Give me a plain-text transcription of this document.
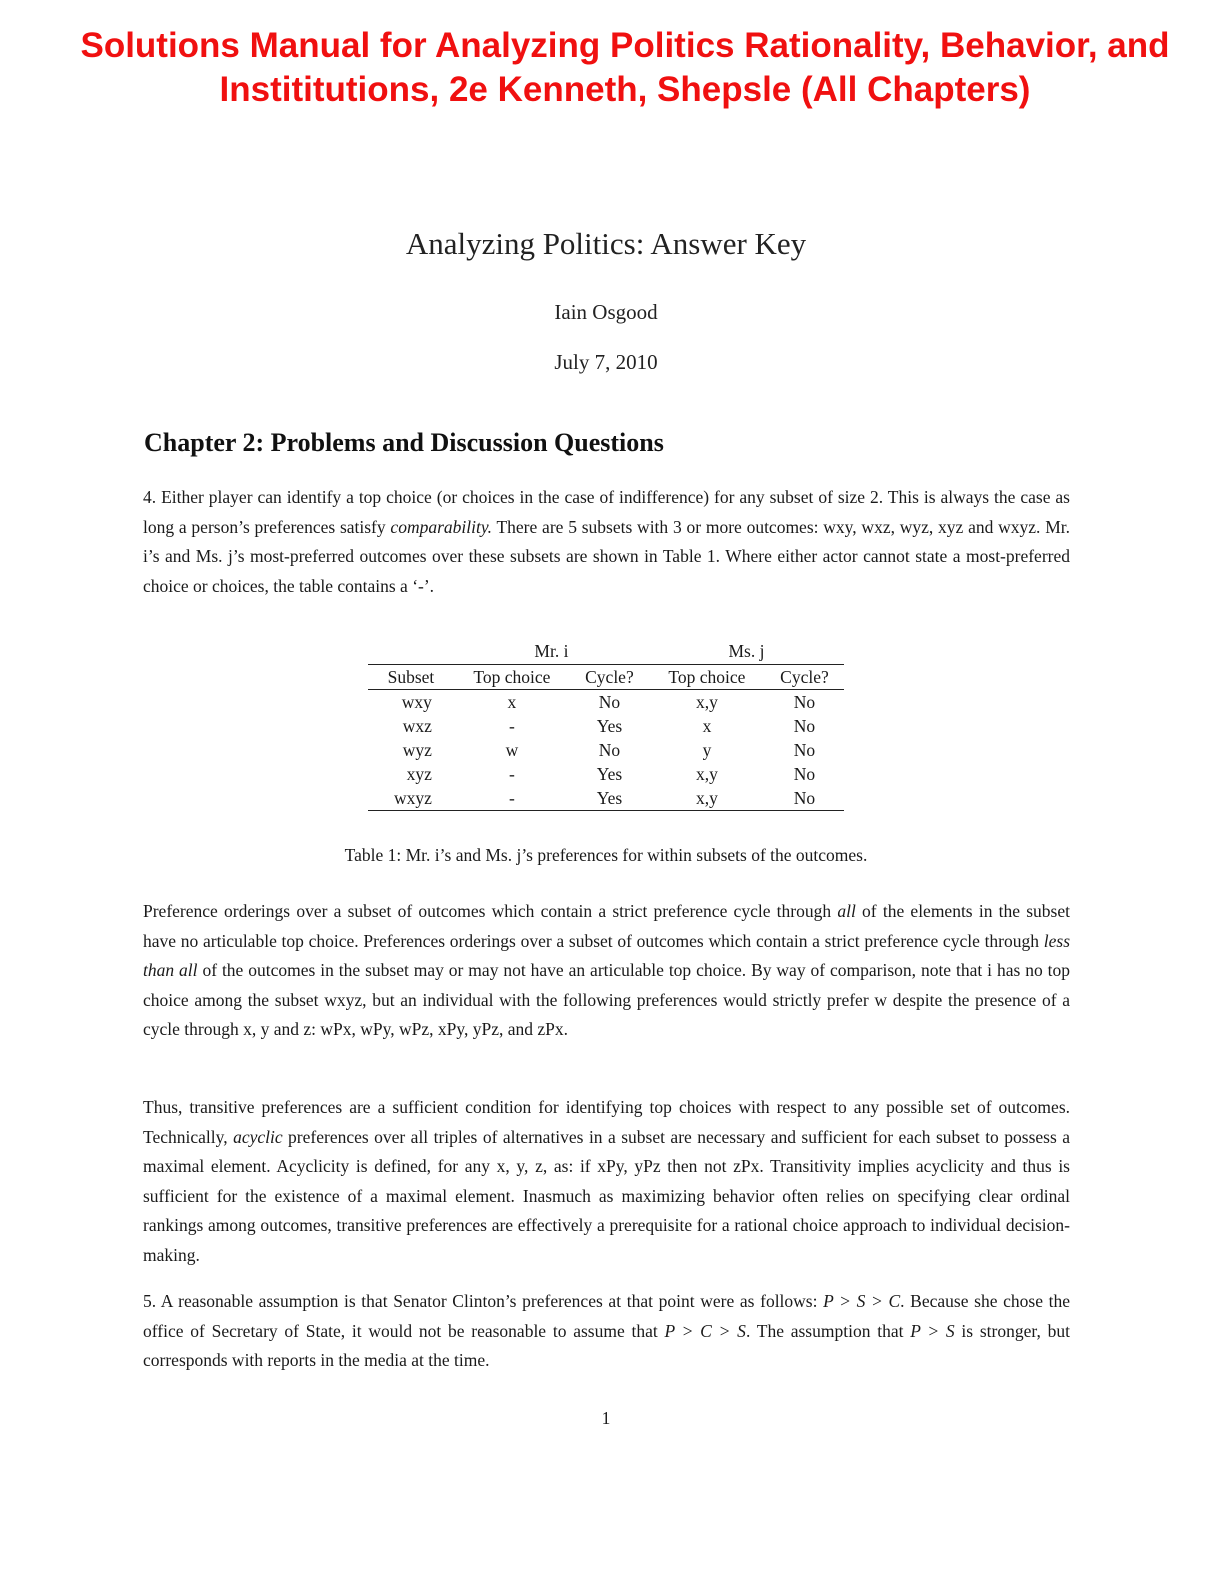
Solutions Manual for Analyzing Politics Rationality, Behavior, and
Instititutions, 2e Kenneth, Shepsle (All Chapters)
Analyzing Politics: Answer Key
Iain Osgood
July 7, 2010
Chapter 2: Problems and Discussion Questions
4. Either player can identify a top choice (or choices in the case of indifference) for any subset of size 2. This is always the case as long a person’s preferences satisfy comparability. There are 5 subsets with 3 or more outcomes: wxy, wxz, wyz, xyz and wxyz. Mr. i’s and Ms. j’s most-preferred outcomes over these subsets are shown in Table 1. Where either actor cannot state a most-preferred choice or choices, the table contains a ‘-’.
	Mr. i		Ms. j	
Subset	Top choice	Cycle?	Top choice	Cycle?
wxy	x	No	x,y	No
wxz	-	Yes	x	No
wyz	w	No	y	No
xyz	-	Yes	x,y	No
wxyz	-	Yes	x,y	No
Table 1: Mr. i’s and Ms. j’s preferences for within subsets of the outcomes.
Preference orderings over a subset of outcomes which contain a strict preference cycle through all of the elements in the subset have no articulable top choice. Preferences orderings over a subset of outcomes which contain a strict preference cycle through less than all of the outcomes in the subset may or may not have an articulable top choice. By way of comparison, note that i has no top choice among the subset wxyz, but an individual with the following preferences would strictly prefer w despite the presence of a cycle through x, y and z: wPx, wPy, wPz, xPy, yPz, and zPx.
Thus, transitive preferences are a sufficient condition for identifying top choices with respect to any possible set of outcomes. Technically, acyclic preferences over all triples of alternatives in a subset are necessary and sufficient for each subset to possess a maximal element. Acyclicity is defined, for any x, y, z, as: if xPy, yPz then not zPx. Transitivity implies acyclicity and thus is sufficient for the existence of a maximal element. Inasmuch as maximizing behavior often relies on specifying clear ordinal rankings among outcomes, transitive preferences are effectively a prerequisite for a rational choice approach to individual decision-making.
5. A reasonable assumption is that Senator Clinton’s preferences at that point were as follows: P > S > C. Because she chose the office of Secretary of State, it would not be reasonable to assume that P > C > S. The assumption that P > S is stronger, but corresponds with reports in the media at the time.
1
